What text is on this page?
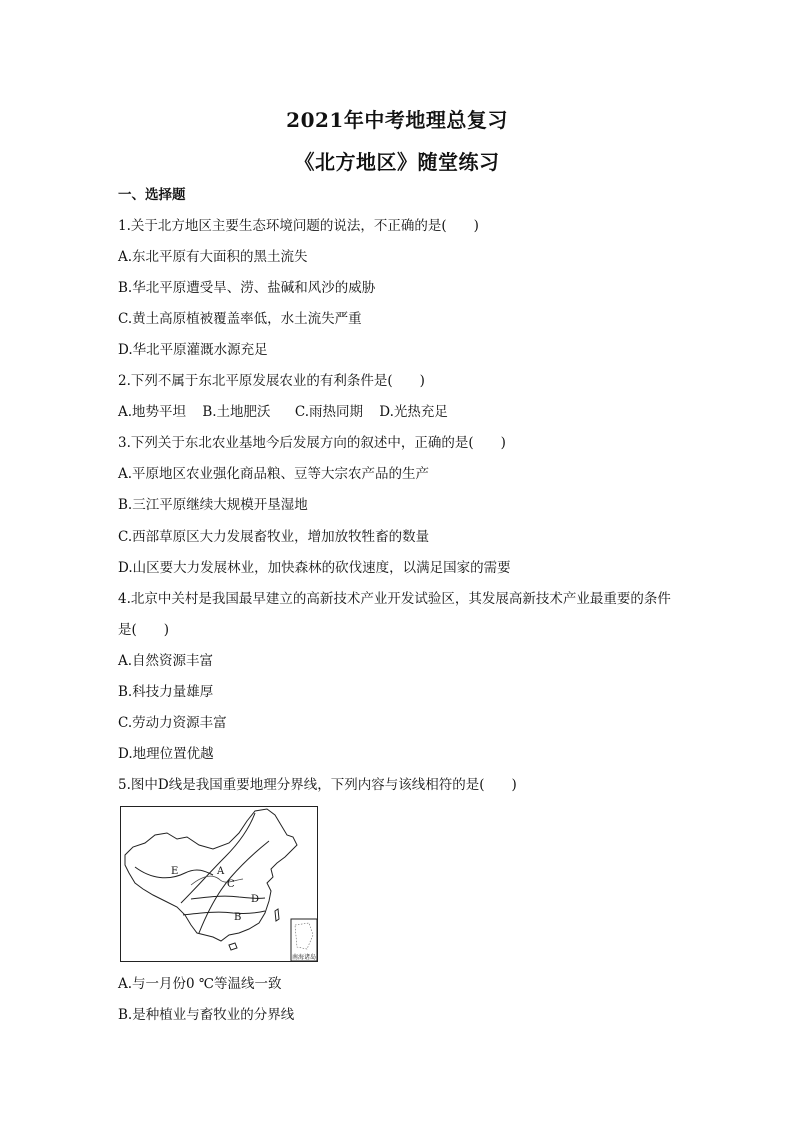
2021年中考地理总复习
《北方地区》随堂练习
一、选择题
1.关于北方地区主要生态环境问题的说法，不正确的是(　　)
A.东北平原有大面积的黑土流失
B.华北平原遭受旱、涝、盐碱和风沙的威胁
C.黄土高原植被覆盖率低，水土流失严重
D.华北平原灌溉水源充足
2.下列不属于东北平原发展农业的有利条件是(　　)
A.地势平坦 B.土地肥沃 C.雨热同期 D.光热充足
3.下列关于东北农业基地今后发展方向的叙述中，正确的是(　　)
A.平原地区农业强化商品粮、豆等大宗农产品的生产
B.三江平原继续大规模开垦湿地
C.西部草原区大力发展畜牧业，增加放牧牲畜的数量
D.山区要大力发展林业，加快森林的砍伐速度，以满足国家的需要
4.北京中关村是我国最早建立的高新技术产业开发试验区，其发展高新技术产业最重要的条件
是(　　)
A.自然资源丰富
B.科技力量雄厚
C.劳动力资源丰富
D.地理位置优越
5.图中D线是我国重要地理分界线，下列内容与该线相符的是(　　)
E	A
C
D
B
南海诸岛
A.与一月份0 ℃等温线一致
B.是种植业与畜牧业的分界线
